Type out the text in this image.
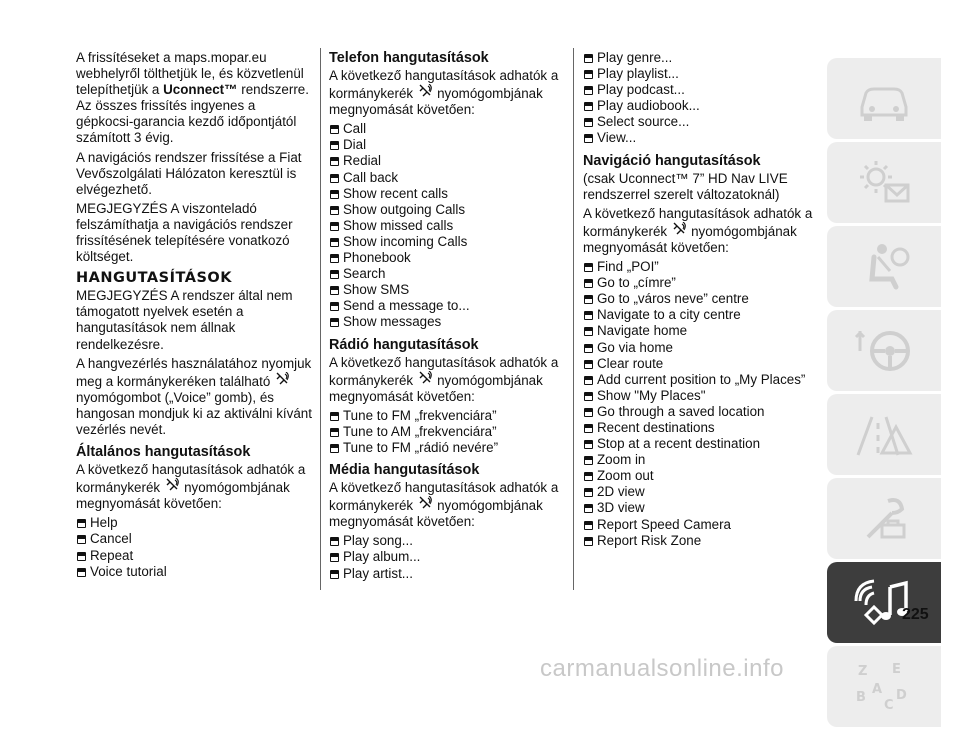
A frissítéseket a maps.mopar.eu webhelyről tölthetjük le, és közvetlenül telepíthetjük a Uconnect™ rendszerre. Az összes frissítés ingyenes a gépkocsi-garancia kezdő időpontjától számított 3 évig.

A navigációs rendszer frissítése a Fiat Vevőszolgálati Hálózaton keresztül is elvégezhető.

MEGJEGYZÉS A viszonteladó felszámíthatja a navigációs rendszer frissítésének telepítésére vonatkozó költséget.

HANGUTASÍTÁSOK

MEGJEGYZÉS A rendszer által nem támogatott nyelvek esetén a hangutasítások nem állnak rendelkezésre.

A hangvezérlés használatához nyomjuk meg a kormánykeréken található nyomógombot („Voice” gomb), és hangosan mondjuk ki az aktiválni kívánt vezérlés nevét.

Általános hangutasítások

A következő hangutasítások adhatók a kormánykerék nyomógombjának megnyomását követően:

Help
Cancel
Repeat
Voice tutorial
Telefon hangutasítások

A következő hangutasítások adhatók a kormánykerék nyomógombjának megnyomását követően:

Call
Dial
Redial
Call back
Show recent calls
Show outgoing Calls
Show missed calls
Show incoming Calls
Phonebook
Search
Show SMS
Send a message to...
Show messages
Rádió hangutasítások

A következő hangutasítások adhatók a kormánykerék nyomógombjának megnyomását követően:

Tune to FM „frekvenciára”
Tune to AM „frekvenciára”
Tune to FM „rádió nevére”
Média hangutasítások

A következő hangutasítások adhatók a kormánykerék nyomógombjának megnyomását követően:

Play song...
Play album...
Play artist...
Play genre...
Play playlist...
Play podcast...
Play audiobook...
Select source...
View...
Navigáció hangutasítások

(csak Uconnect™ 7” HD Nav LIVE rendszerrel szerelt változatoknál)

A következő hangutasítások adhatók a kormánykerék nyomógombjának megnyomását követően:

Find „POI”
Go to „címre”
Go to „város neve” centre
Navigate to a city centre
Navigate home
Go via home
Clear route
Add current position to „My Places”
Show "My Places"
Go through a saved location
Recent destinations
Stop at a recent destination
Zoom in
Zoom out
2D view
3D view
Report Speed Camera
Report Risk Zone
Z E
A
B
C
D
225
carmanualsonline.info
